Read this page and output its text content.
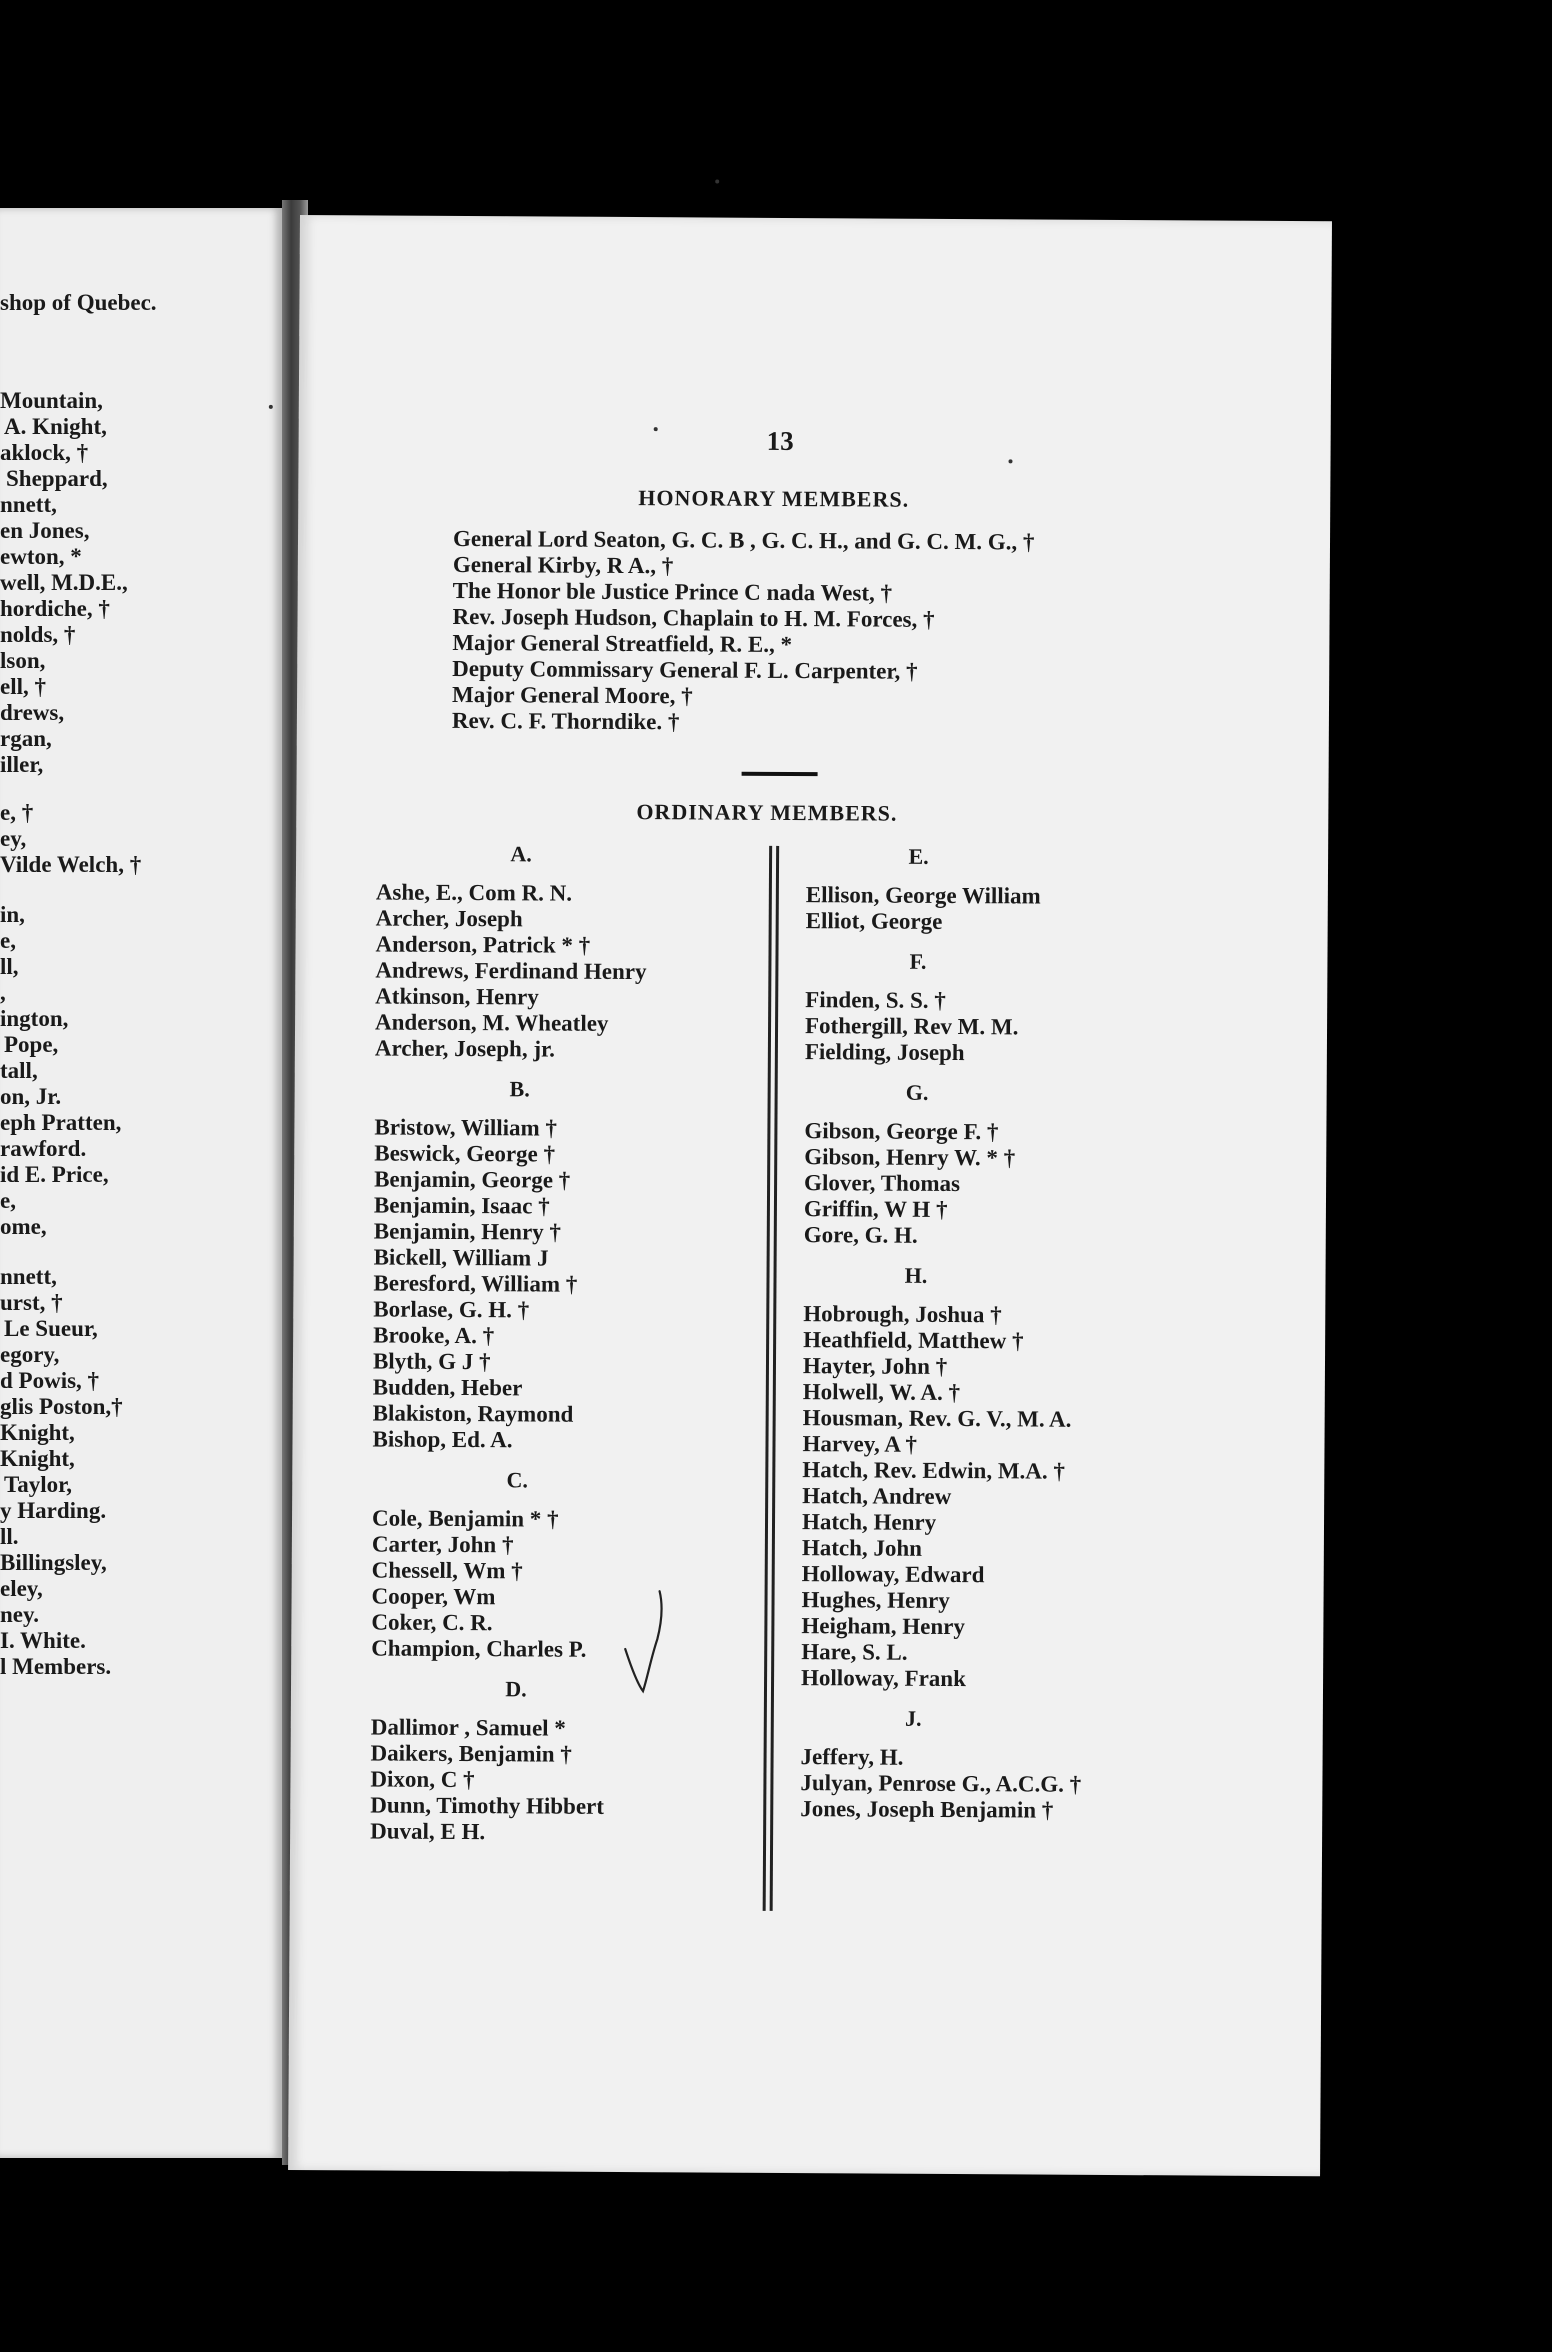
shop of Quebec.
Mountain,
A. Knight,
aklock, †
Sheppard,
nnett,
en Jones,
ewton, *
well, M.D.E.,
hordiche, †
nolds, †
lson,
ell, †
drews,
rgan,
iller,
e, †
ey,
Vilde Welch, †
in,
e,
ll,
,
ington,
Pope,
tall,
on, Jr.
eph Pratten,
rawford.
id E. Price,
e,
ome,
nnett,
urst, †
Le Sueur,
egory,
d Powis, †
glis Poston,†
Knight,
Knight,
Taylor,
y Harding.
ll.
Billingsley,
eley,
ney.
I. White.
l Members.
13
HONORARY MEMBERS.
General Lord Seaton, G. C. B , G. C. H., and G. C. M. G., †
General Kirby, R A., †
The Honor ble Justice Prince C nada West, †
Rev. Joseph Hudson, Chaplain to H. M. Forces, †
Major General Streatfield, R. E., *
Deputy Commissary General F. L. Carpenter, †
Major General Moore, †
Rev. C. F. Thorndike. †
ORDINARY MEMBERS.
A.
Ashe, E., Com R. N.
Archer, Joseph
Anderson, Patrick * †
Andrews, Ferdinand Henry
Atkinson, Henry
Anderson, M. Wheatley
Archer, Joseph, jr.
B.
Bristow, William †
Beswick, George †
Benjamin, George †
Benjamin, Isaac †
Benjamin, Henry †
Bickell, William J
Beresford, William †
Borlase, G. H. †
Brooke, A. †
Blyth, G J †
Budden, Heber
Blakiston, Raymond
Bishop, Ed. A.
C.
Cole, Benjamin * †
Carter, John †
Chessell, Wm †
Cooper, Wm
Coker, C. R.
Champion, Charles P.
D.
Dallimor , Samuel *
Daikers, Benjamin †
Dixon, C †
Dunn, Timothy Hibbert
Duval, E H.
E.
Ellison, George William
Elliot, George
F.
Finden, S. S. †
Fothergill, Rev M. M.
Fielding, Joseph
G.
Gibson, George F. †
Gibson, Henry W. * †
Glover, Thomas
Griffin, W H †
Gore, G. H.
H.
Hobrough, Joshua †
Heathfield, Matthew †
Hayter, John †
Holwell, W. A. †
Housman, Rev. G. V., M. A.
Harvey, A †
Hatch, Rev. Edwin, M.A. †
Hatch, Andrew
Hatch, Henry
Hatch, John
Holloway, Edward
Hughes, Henry
Heigham, Henry
Hare, S. L.
Holloway, Frank
J.
Jeffery, H.
Julyan, Penrose G., A.C.G. †
Jones, Joseph Benjamin †
